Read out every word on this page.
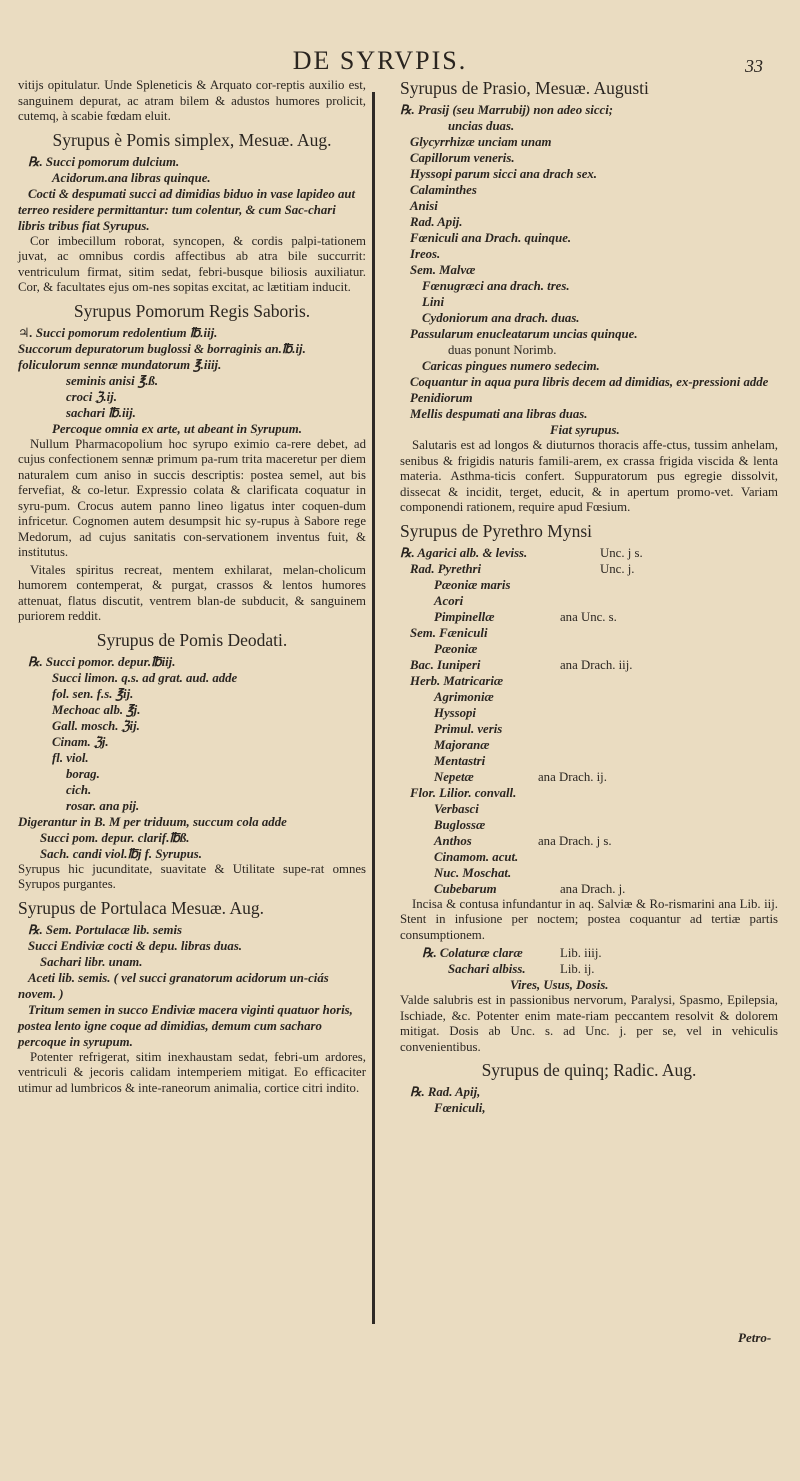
DE SYRVPIS.	33

vitijs opitulatur. Unde Spleneticis & Arquato cor-reptis auxilio est, sanguinem depurat, ac atram bilem & adustos humores prolicit, cutemq, à scabie fœdam eluit.

Syrupus è Pomis simplex, Mesuæ. Aug.

℞. Succi pomorum dulcium.

Acidorum.ana libras quinque.

Cocti & despumati succi ad dimidias biduo in vase lapideo aut terreo residere permittantur: tum colentur, & cum Sac-chari libris tribus fiat Syrupus.

Cor imbecillum roborat, syncopen, & cordis palpi-tationem juvat, ac omnibus cordis affectibus ab atra bile succurrit: ventriculum firmat, sitim sedat, febri-busque biliosis auxiliatur. Cor, & facultates ejus om-nes sopitas excitat, ac lætitiam inducit.

Syrupus Pomorum Regis Saboris.

♃. Succi pomorum redolentium ℔.iij.

Succorum depuratorum buglossi & borraginis an.℔.ij.

foliculorum sennæ mundatorum ℥.iiij.

seminis anisi ℥.ß.

croci ℨ.ij.

sachari ℔.iij.

Percoque omnia ex arte, ut abeant in Syrupum.

Nullum Pharmacopolium hoc syrupo eximio ca-rere debet, ad cujus confectionem sennæ primum pa-rum trita maceretur per diem naturalem cum aniso in succis descriptis: postea semel, aut bis fervefiat, & co-letur. Expressio colata & clarificata coquatur in syru-pum. Crocus autem panno lineo ligatus inter coquen-dum infricetur. Cognomen autem desumpsit hic sy-rupus à Sabore rege Medorum, ad cujus sanitatis con-servationem inventus fuit, & institutus.

Vitales spiritus recreat, mentem exhilarat, melan-cholicum humorem contemperat, & purgat, crassos & lentos humores attenuat, flatus discutit, ventrem blan-de subducit, & sanguinem puriorem reddit.

Syrupus de Pomis Deodati.

℞. Succi pomor. depur.℔iij.

Succi limon. q.s. ad grat. aud. adde

fol. sen. f.s. ℥ij.

Mechoac alb. ℥j.

Gall. mosch. ℨij.

Cinam. ℨj.

fl. viol.

borag.

cich.

rosar. ana pij.

Digerantur in B. M per triduum, succum cola adde

Succi pom. depur. clarif.℔ß.

Sach. candi viol.℔j f. Syrupus.

Syrupus hic jucunditate, suavitate & Utilitate supe-rat omnes Syrupos purgantes.

Syrupus de Portulaca Mesuæ. Aug.

℞. Sem. Portulacæ lib. semis

Succi Endiviæ cocti & depu. libras duas.

Sachari libr. unam.

Aceti lib. semis. ( vel succi granatorum acidorum un-ciás novem. )

Tritum semen in succo Endiviæ macera viginti quatuor horis, postea lento igne coque ad dimidias, demum cum sacharo percoque in syrupum.

Potenter refrigerat, sitim inexhaustam sedat, febri-um ardores, ventriculi & jecoris calidam intemperiem mitigat. Eo efficaciter utimur ad lumbricos & inte-raneorum animalia, cortice citri indito.

Syrupus de Prasio, Mesuæ. Augusti

℞. Prasij (seu Marrubij) non adeo sicci;

uncias duas.

Glycyrrhizæ unciam unam

Capillorum veneris.

Hyssopi parum sicci ana drach sex.

Calaminthes

Anisi

Rad. Apij.

Fœniculi ana Drach. quinque.

Ireos.

Sem. Malvæ

Fœnugræci ana drach. tres.

Lini

Cydoniorum ana drach. duas.

Passularum enucleatarum uncias quinque.

duas ponunt Norimb.

Caricas pingues numero sedecim.

Coquantur in aqua pura libris decem ad dimidias, ex-pressioni adde

Penidiorum

Mellis despumati ana libras duas.

Fiat syrupus.

Salutaris est ad longos & diuturnos thoracis affe-ctus, tussim anhelam, senibus & frigidis naturis famili-arem, ex crassa frigida viscida & lenta materia. Asthma-ticis confert. Suppuratorum pus egregie dissolvit, dissecat & incidit, terget, educit, & in apertum promo-vet. Variam componendi rationem, require apud Fœsium.

Syrupus de Pyrethro Mynsi

℞. Agarici alb. & leviss.	Unc. j s.

Rad. Pyrethri	Unc. j.

Pæoniæ maris

Acori

Pimpinellæ	ana Unc. s.

Sem. Fæniculi

Pæoniæ

Bac. Iuniperi	ana Drach. iij.

Herb. Matricariæ

Agrimoniæ

Hyssopi

Primul. veris

Majoranæ

Mentastri

Nepetæ	ana Drach. ij.

Flor. Lilior. convall.

Verbasci

Buglossæ

Anthos	ana Drach. j s.

Cinamom. acut.

Nuc. Moschat.

Cubebarum	ana Drach. j.

Incisa & contusa infundantur in aq. Salviæ & Ro-rismarini ana Lib. iij. Stent in infusione per noctem; postea coquantur ad tertiæ partis consumptionem.

℞. Colaturæ claræ	Lib. iiij.

Sachari albiss.	Lib. ij.

Vires, Usus, Dosis.

Valde salubris est in passionibus nervorum, Paralysi, Spasmo, Epilepsia, Ischiade, &c. Potenter enim mate-riam peccantem resolvit & dolorem mitigat. Dosis ab Unc. s. ad Unc. j. per se, vel in vehiculis convenientibus.

Syrupus de quinq; Radic. Aug.

℞. Rad. Apij,

Fœniculi,

Petro-
